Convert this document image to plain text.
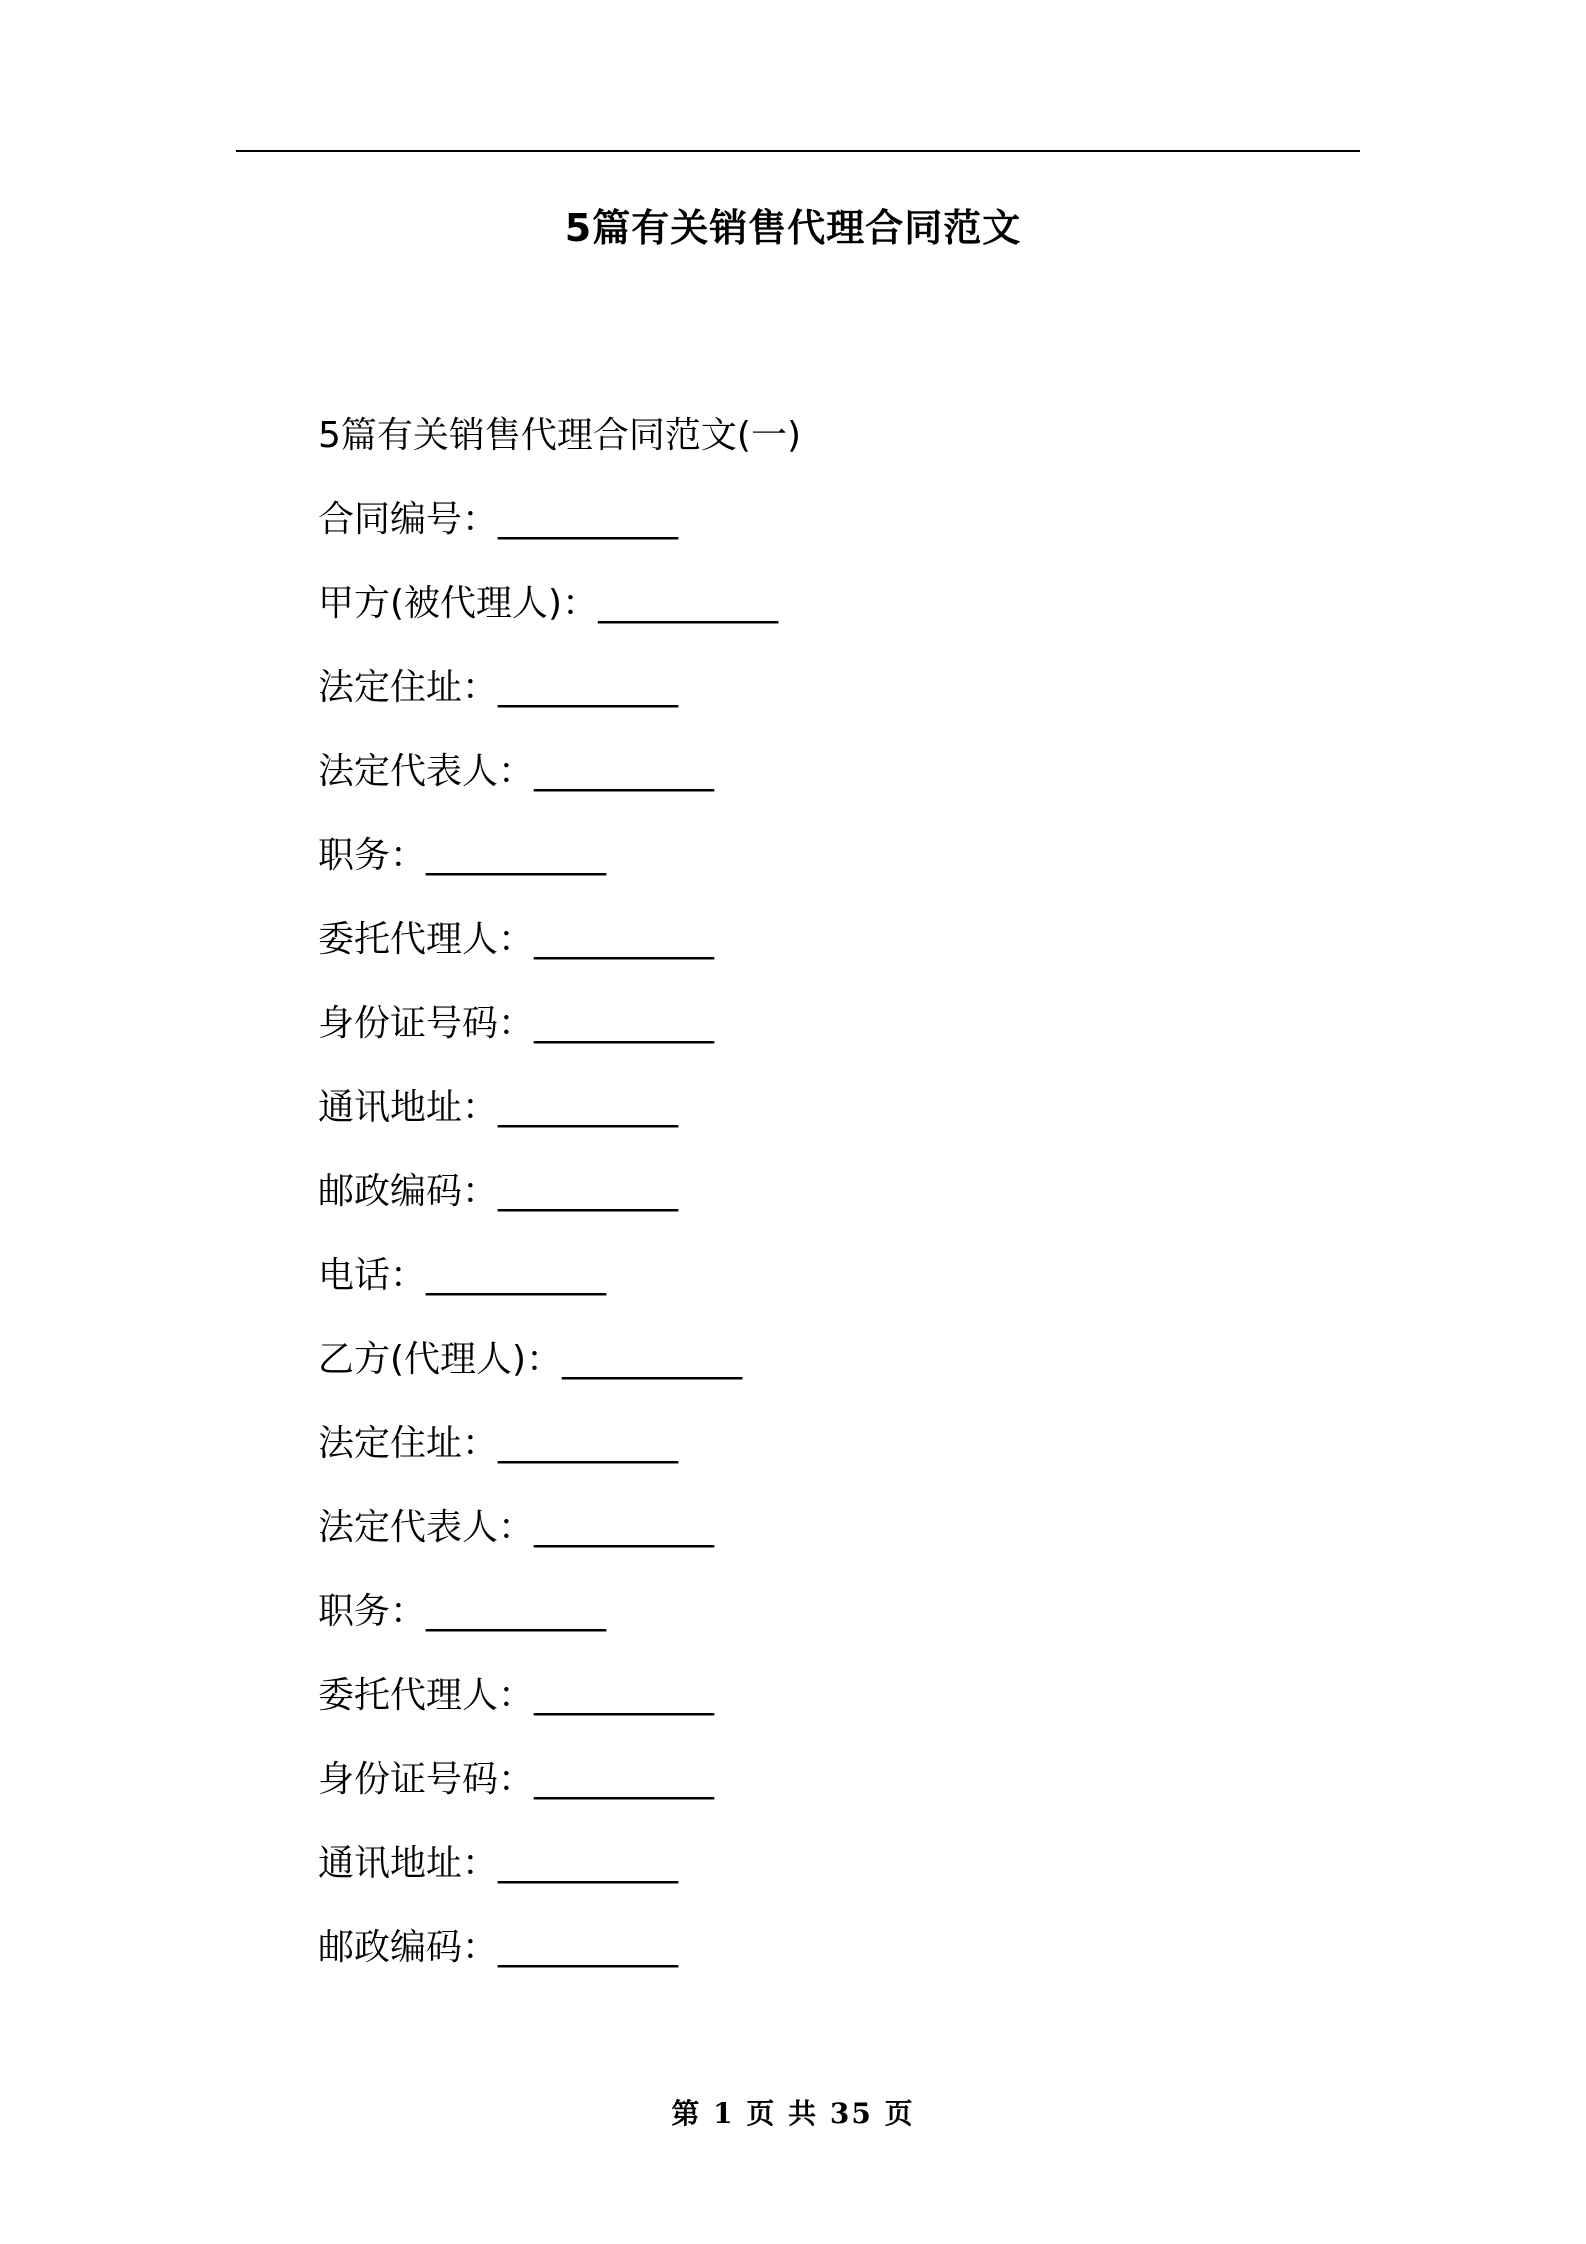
5篇有关销售代理合同范文
5篇有关销售代理合同范文(一)
合同编号：__________
甲方(被代理人)：__________
法定住址：__________
法定代表人：__________
职务：__________
委托代理人：__________
身份证号码：__________
通讯地址：__________
邮政编码：__________
电话：__________
乙方(代理人)：__________
法定住址：__________
法定代表人：__________
职务：__________
委托代理人：__________
身份证号码：__________
通讯地址：__________
邮政编码：__________
第 1 页 共 35 页
